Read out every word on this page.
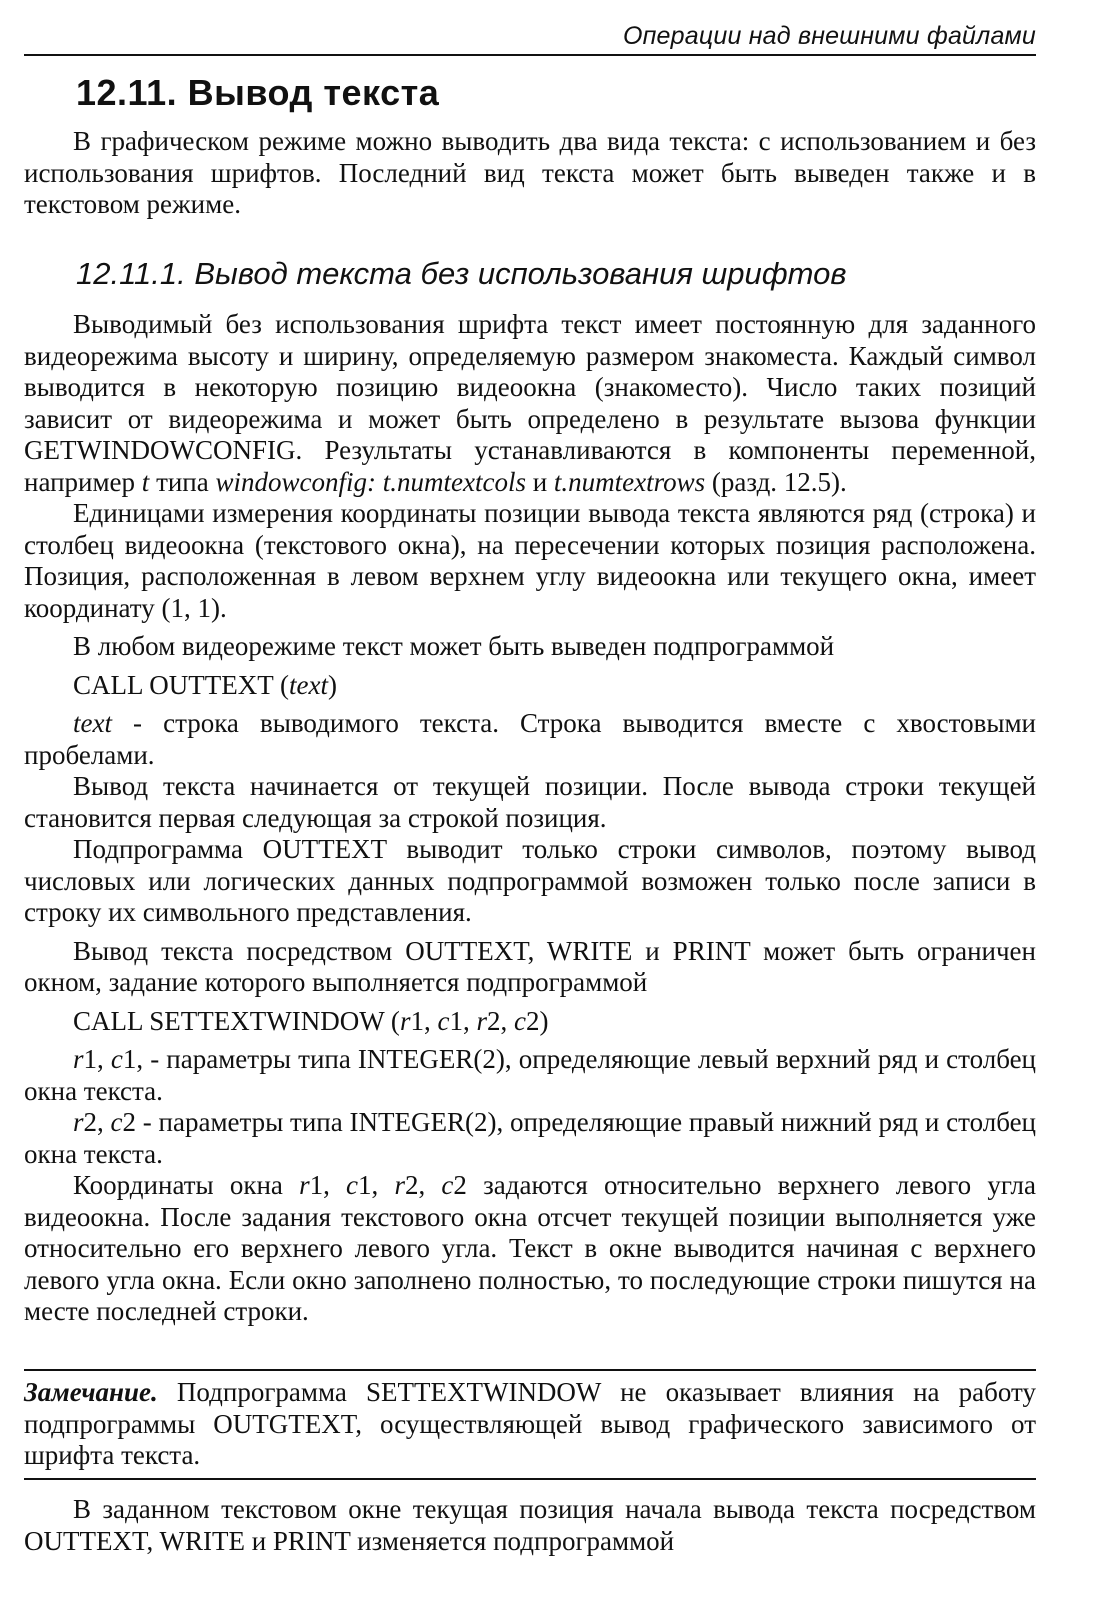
Операции над внешними файлами
12.11. Вывод текста

В графическом режиме можно выводить два вида текста: с использованием и без использования шрифтов. Последний вид текста может быть выведен также и в текстовом режиме.

12.11.1. Вывод текста без использования шрифтов

Выводимый без использования шрифта текст имеет постоянную для заданного видеорежима высоту и ширину, определяемую размером знакоместа. Каждый символ выводится в некоторую позицию видеоокна (знакоместо). Число таких позиций зависит от видеорежима и может быть определено в результате вызова функции GETWINDOWCONFIG. Результаты устанавливаются в компоненты переменной, например t типа windowconfig: t.numtextcols и t.numtextrows (разд. 12.5).

Единицами измерения координаты позиции вывода текста являются ряд (строка) и столбец видеоокна (текстового окна), на пересечении которых позиция расположена. Позиция, расположенная в левом верхнем углу видеоокна или текущего окна, имеет координату (1, 1).

В любом видеорежиме текст может быть выведен подпрограммой

CALL OUTTEXT (text)

text - строка выводимого текста. Строка выводится вместе с хвостовыми пробелами.

Вывод текста начинается от текущей позиции. После вывода строки текущей становится первая следующая за строкой позиция.

Подпрограмма OUTTEXT выводит только строки символов, поэтому вывод числовых или логических данных подпрограммой возможен только после записи в строку их символьного представления.

Вывод текста посредством OUTTEXT, WRITE и PRINT может быть ограничен окном, задание которого выполняется подпрограммой

CALL SETTEXTWINDOW (r1, c1, r2, c2)

r1, c1, - параметры типа INTEGER(2), определяющие левый верхний ряд и столбец окна текста.

r2, c2 - параметры типа INTEGER(2), определяющие правый нижний ряд и столбец окна текста.

Координаты окна r1, c1, r2, c2 задаются относительно верхнего левого угла видеоокна. После задания текстового окна отсчет текущей позиции выполняется уже относительно его верхнего левого угла. Текст в окне выводится начиная с верхнего левого угла окна. Если окно заполнено полностью, то последующие строки пишутся на месте последней строки.

Замечание. Подпрограмма SETTEXTWINDOW не оказывает влияния на работу подпрограммы OUTGTEXT, осуществляющей вывод графического зависимого от шрифта текста.

В заданном текстовом окне текущая позиция начала вывода текста посредством OUTTEXT, WRITE и PRINT изменяется подпрограммой
